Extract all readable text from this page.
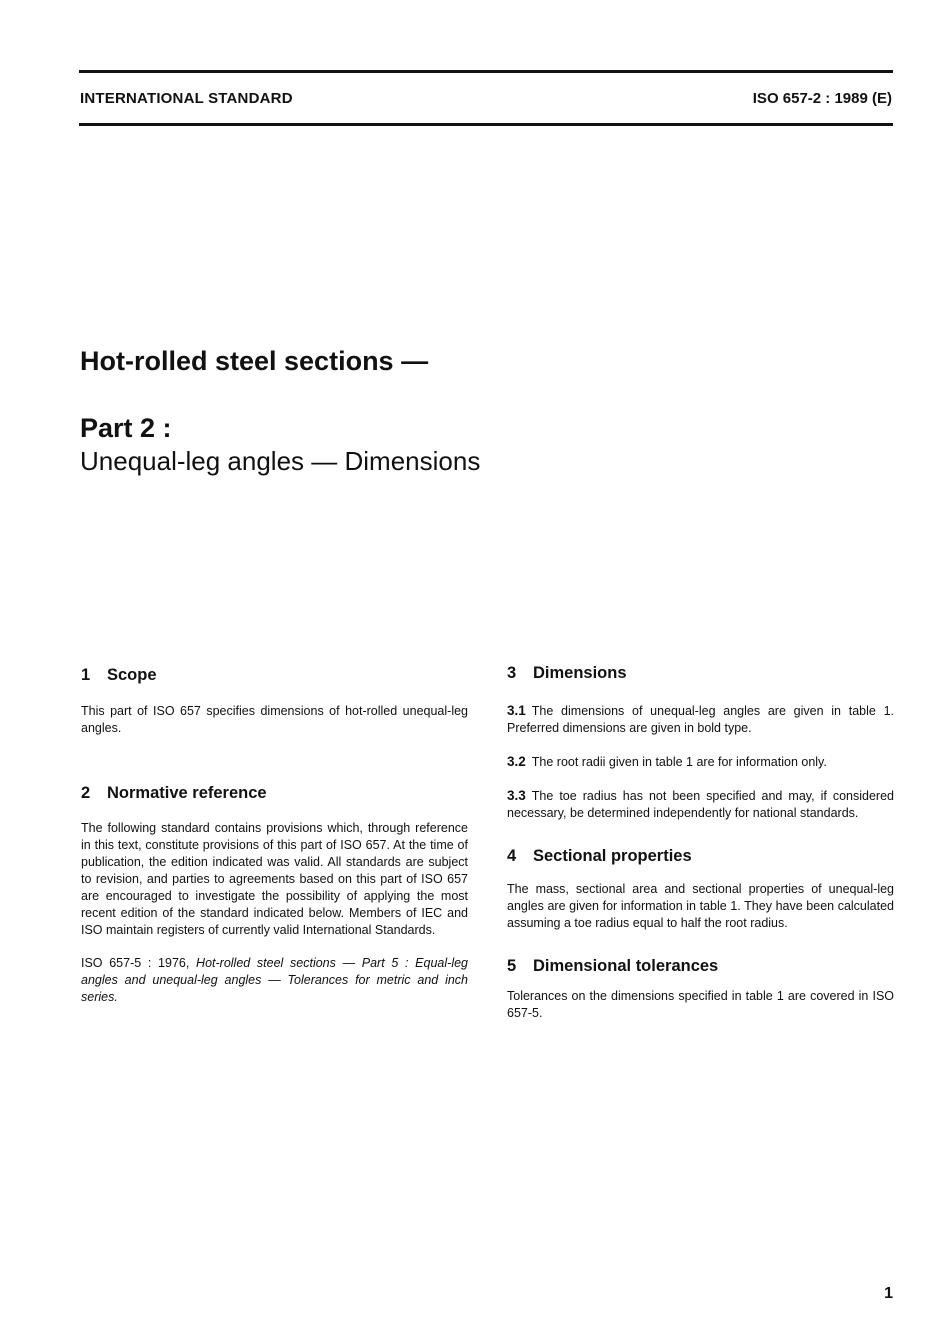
INTERNATIONAL STANDARD	ISO 657-2 : 1989 (E)
Hot-rolled steel sections —
Part 2 :
Unequal-leg angles — Dimensions
1 Scope

This part of ISO 657 specifies dimensions of hot-rolled unequal-leg angles.

2 Normative reference

The following standard contains provisions which, through reference in this text, constitute provisions of this part of ISO 657. At the time of publication, the edition indicated was valid. All standards are subject to revision, and parties to agreements based on this part of ISO 657 are encouraged to investigate the possibility of applying the most recent edition of the standard indicated below. Members of IEC and ISO maintain registers of currently valid International Standards.

ISO 657-5 : 1976, Hot-rolled steel sections — Part 5 : Equal-leg angles and unequal-leg angles — Tolerances for metric and inch series.

3 Dimensions

3.1 The dimensions of unequal-leg angles are given in table 1. Preferred dimensions are given in bold type.

3.2 The root radii given in table 1 are for information only.

3.3 The toe radius has not been specified and may, if considered necessary, be determined independently for national standards.

4 Sectional properties

The mass, sectional area and sectional properties of unequal-leg angles are given for information in table 1. They have been calculated assuming a toe radius equal to half the root radius.

5 Dimensional tolerances

Tolerances on the dimensions specified in table 1 are covered in ISO 657-5.

1
